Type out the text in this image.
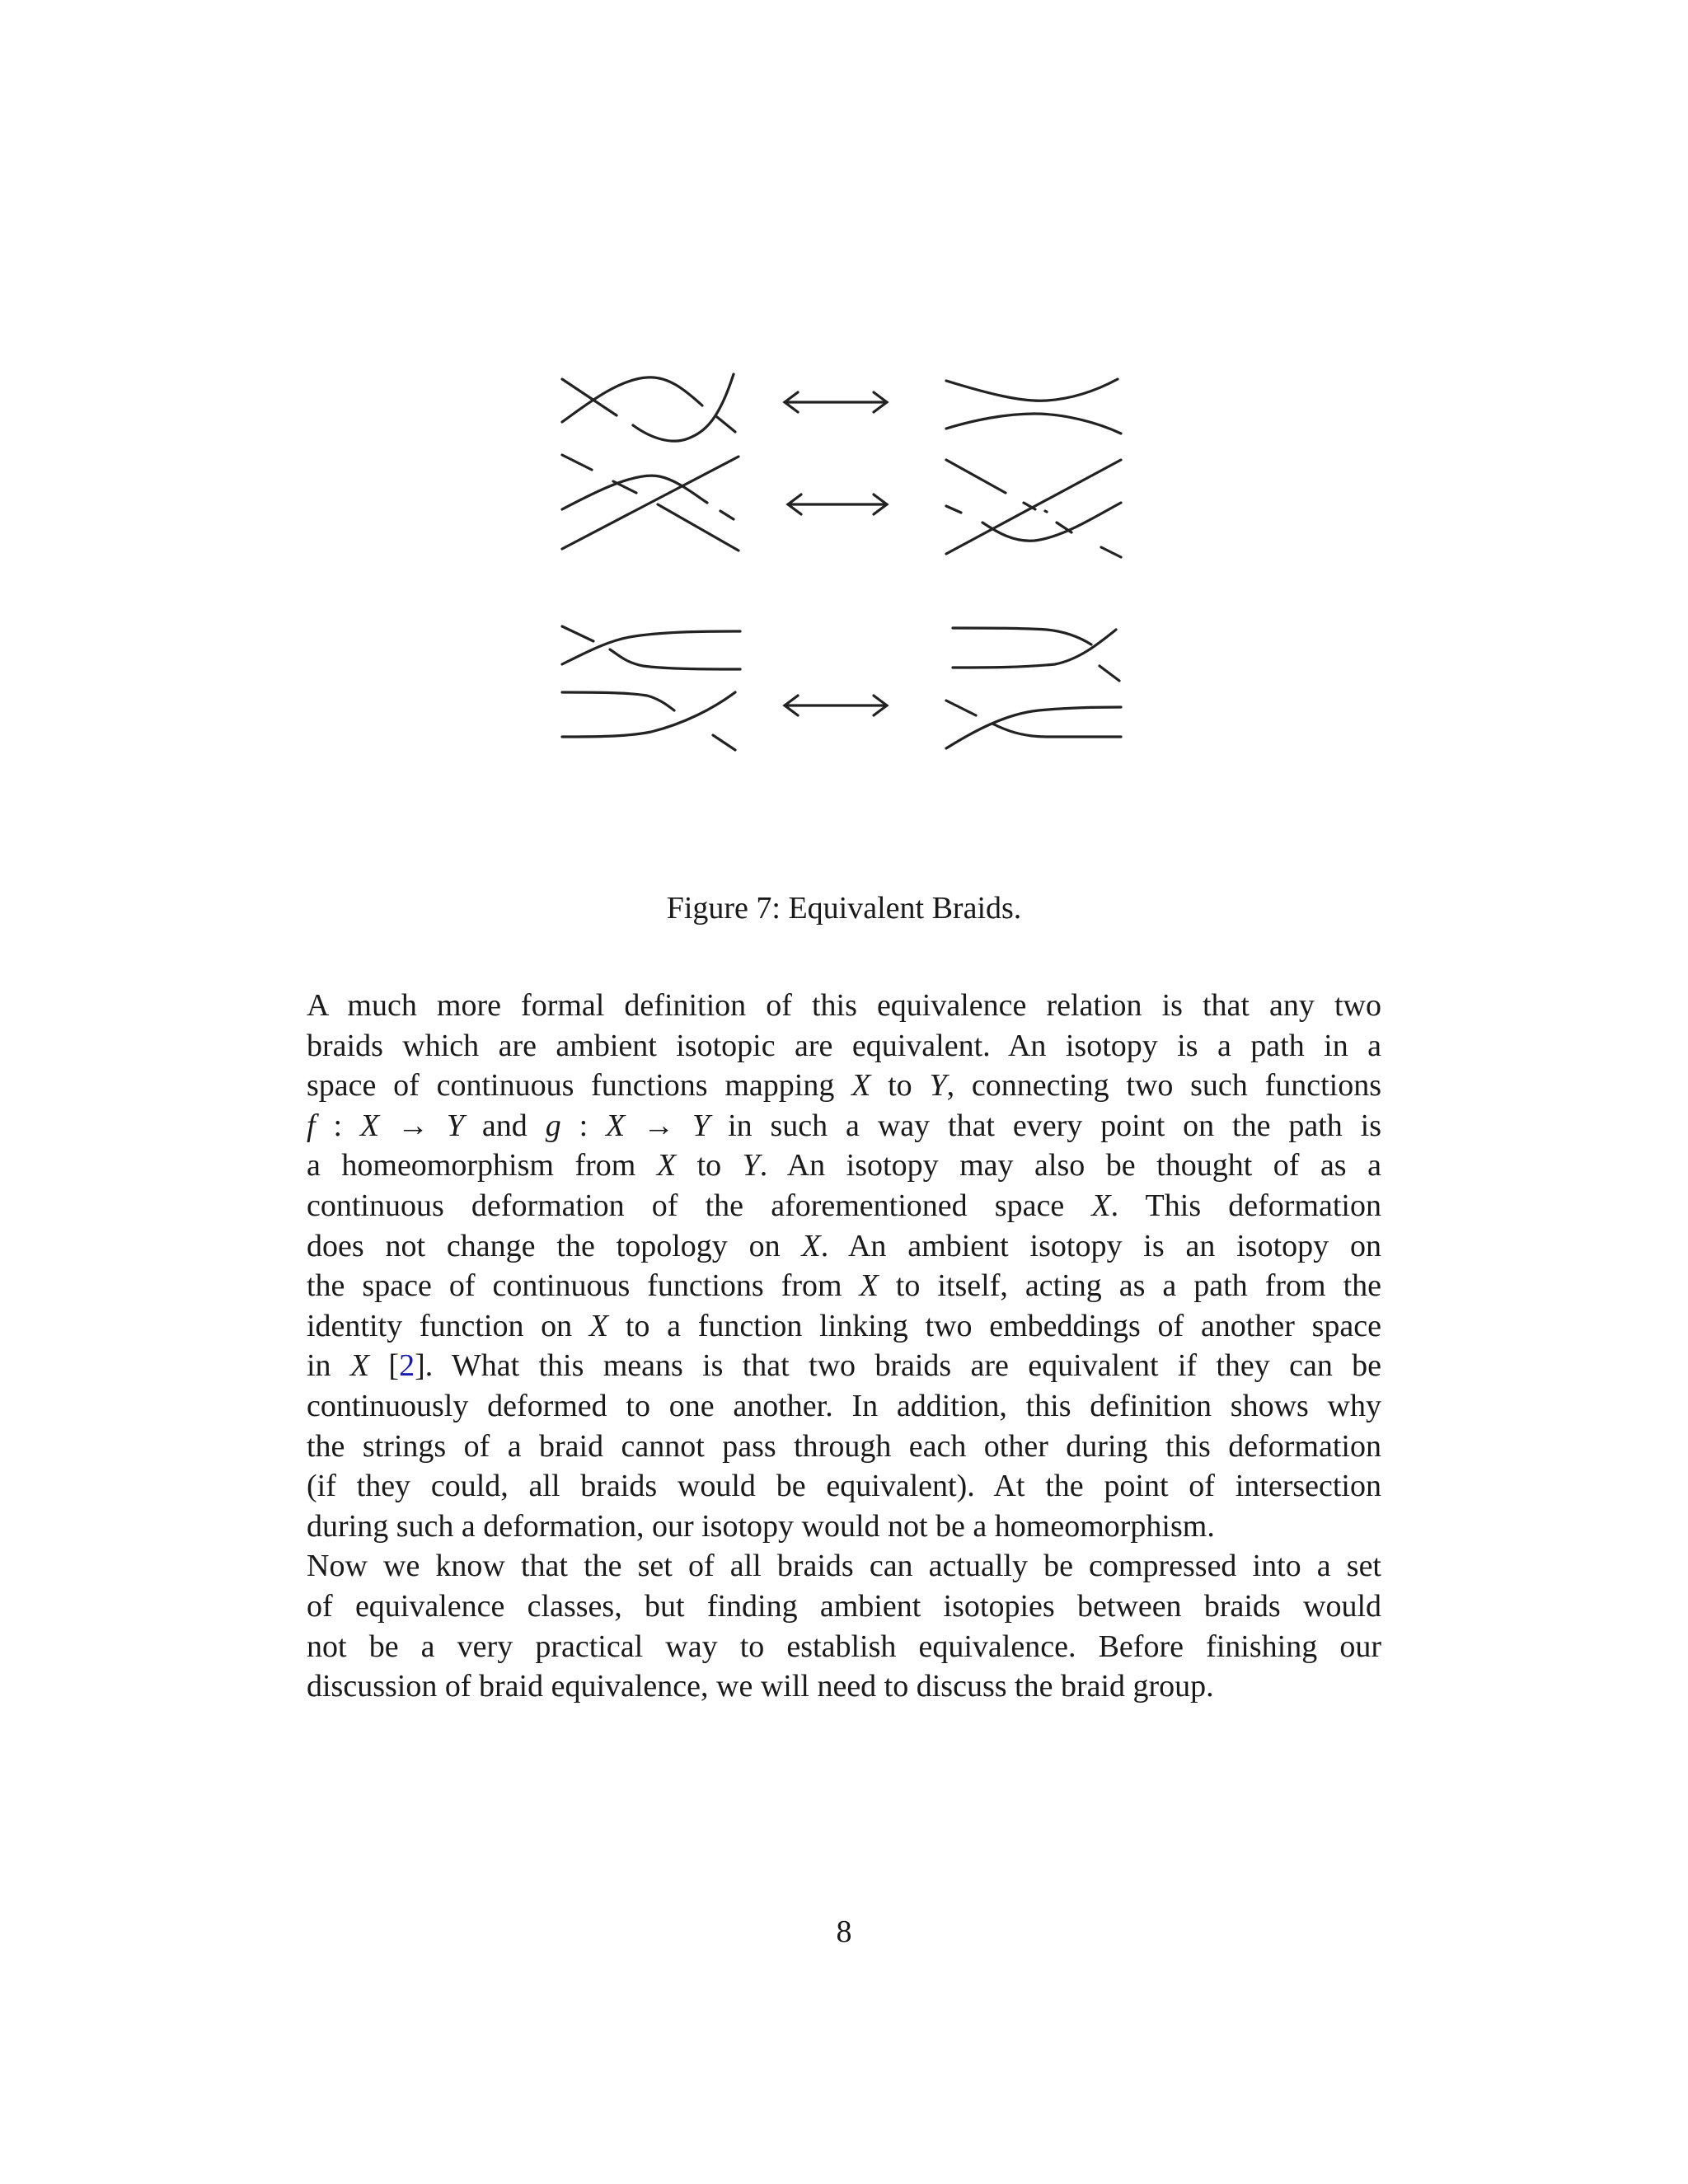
Figure 7: Equivalent Braids.
A much more formal definition of this equivalence relation is that any two
braids which are ambient isotopic are equivalent. An isotopy is a path in a
space of continuous functions mapping X to Y, connecting two such functions
f : X → Y and g : X → Y in such a way that every point on the path is
a homeomorphism from X to Y. An isotopy may also be thought of as a
continuous deformation of the aforementioned space X. This deformation
does not change the topology on X. An ambient isotopy is an isotopy on
the space of continuous functions from X to itself, acting as a path from the
identity function on X to a function linking two embeddings of another space
in X [2]. What this means is that two braids are equivalent if they can be
continuously deformed to one another. In addition, this definition shows why
the strings of a braid cannot pass through each other during this deformation
(if they could, all braids would be equivalent). At the point of intersection
during such a deformation, our isotopy would not be a homeomorphism.
Now we know that the set of all braids can actually be compressed into a set
of equivalence classes, but finding ambient isotopies between braids would
not be a very practical way to establish equivalence. Before finishing our
discussion of braid equivalence, we will need to discuss the braid group.
8
